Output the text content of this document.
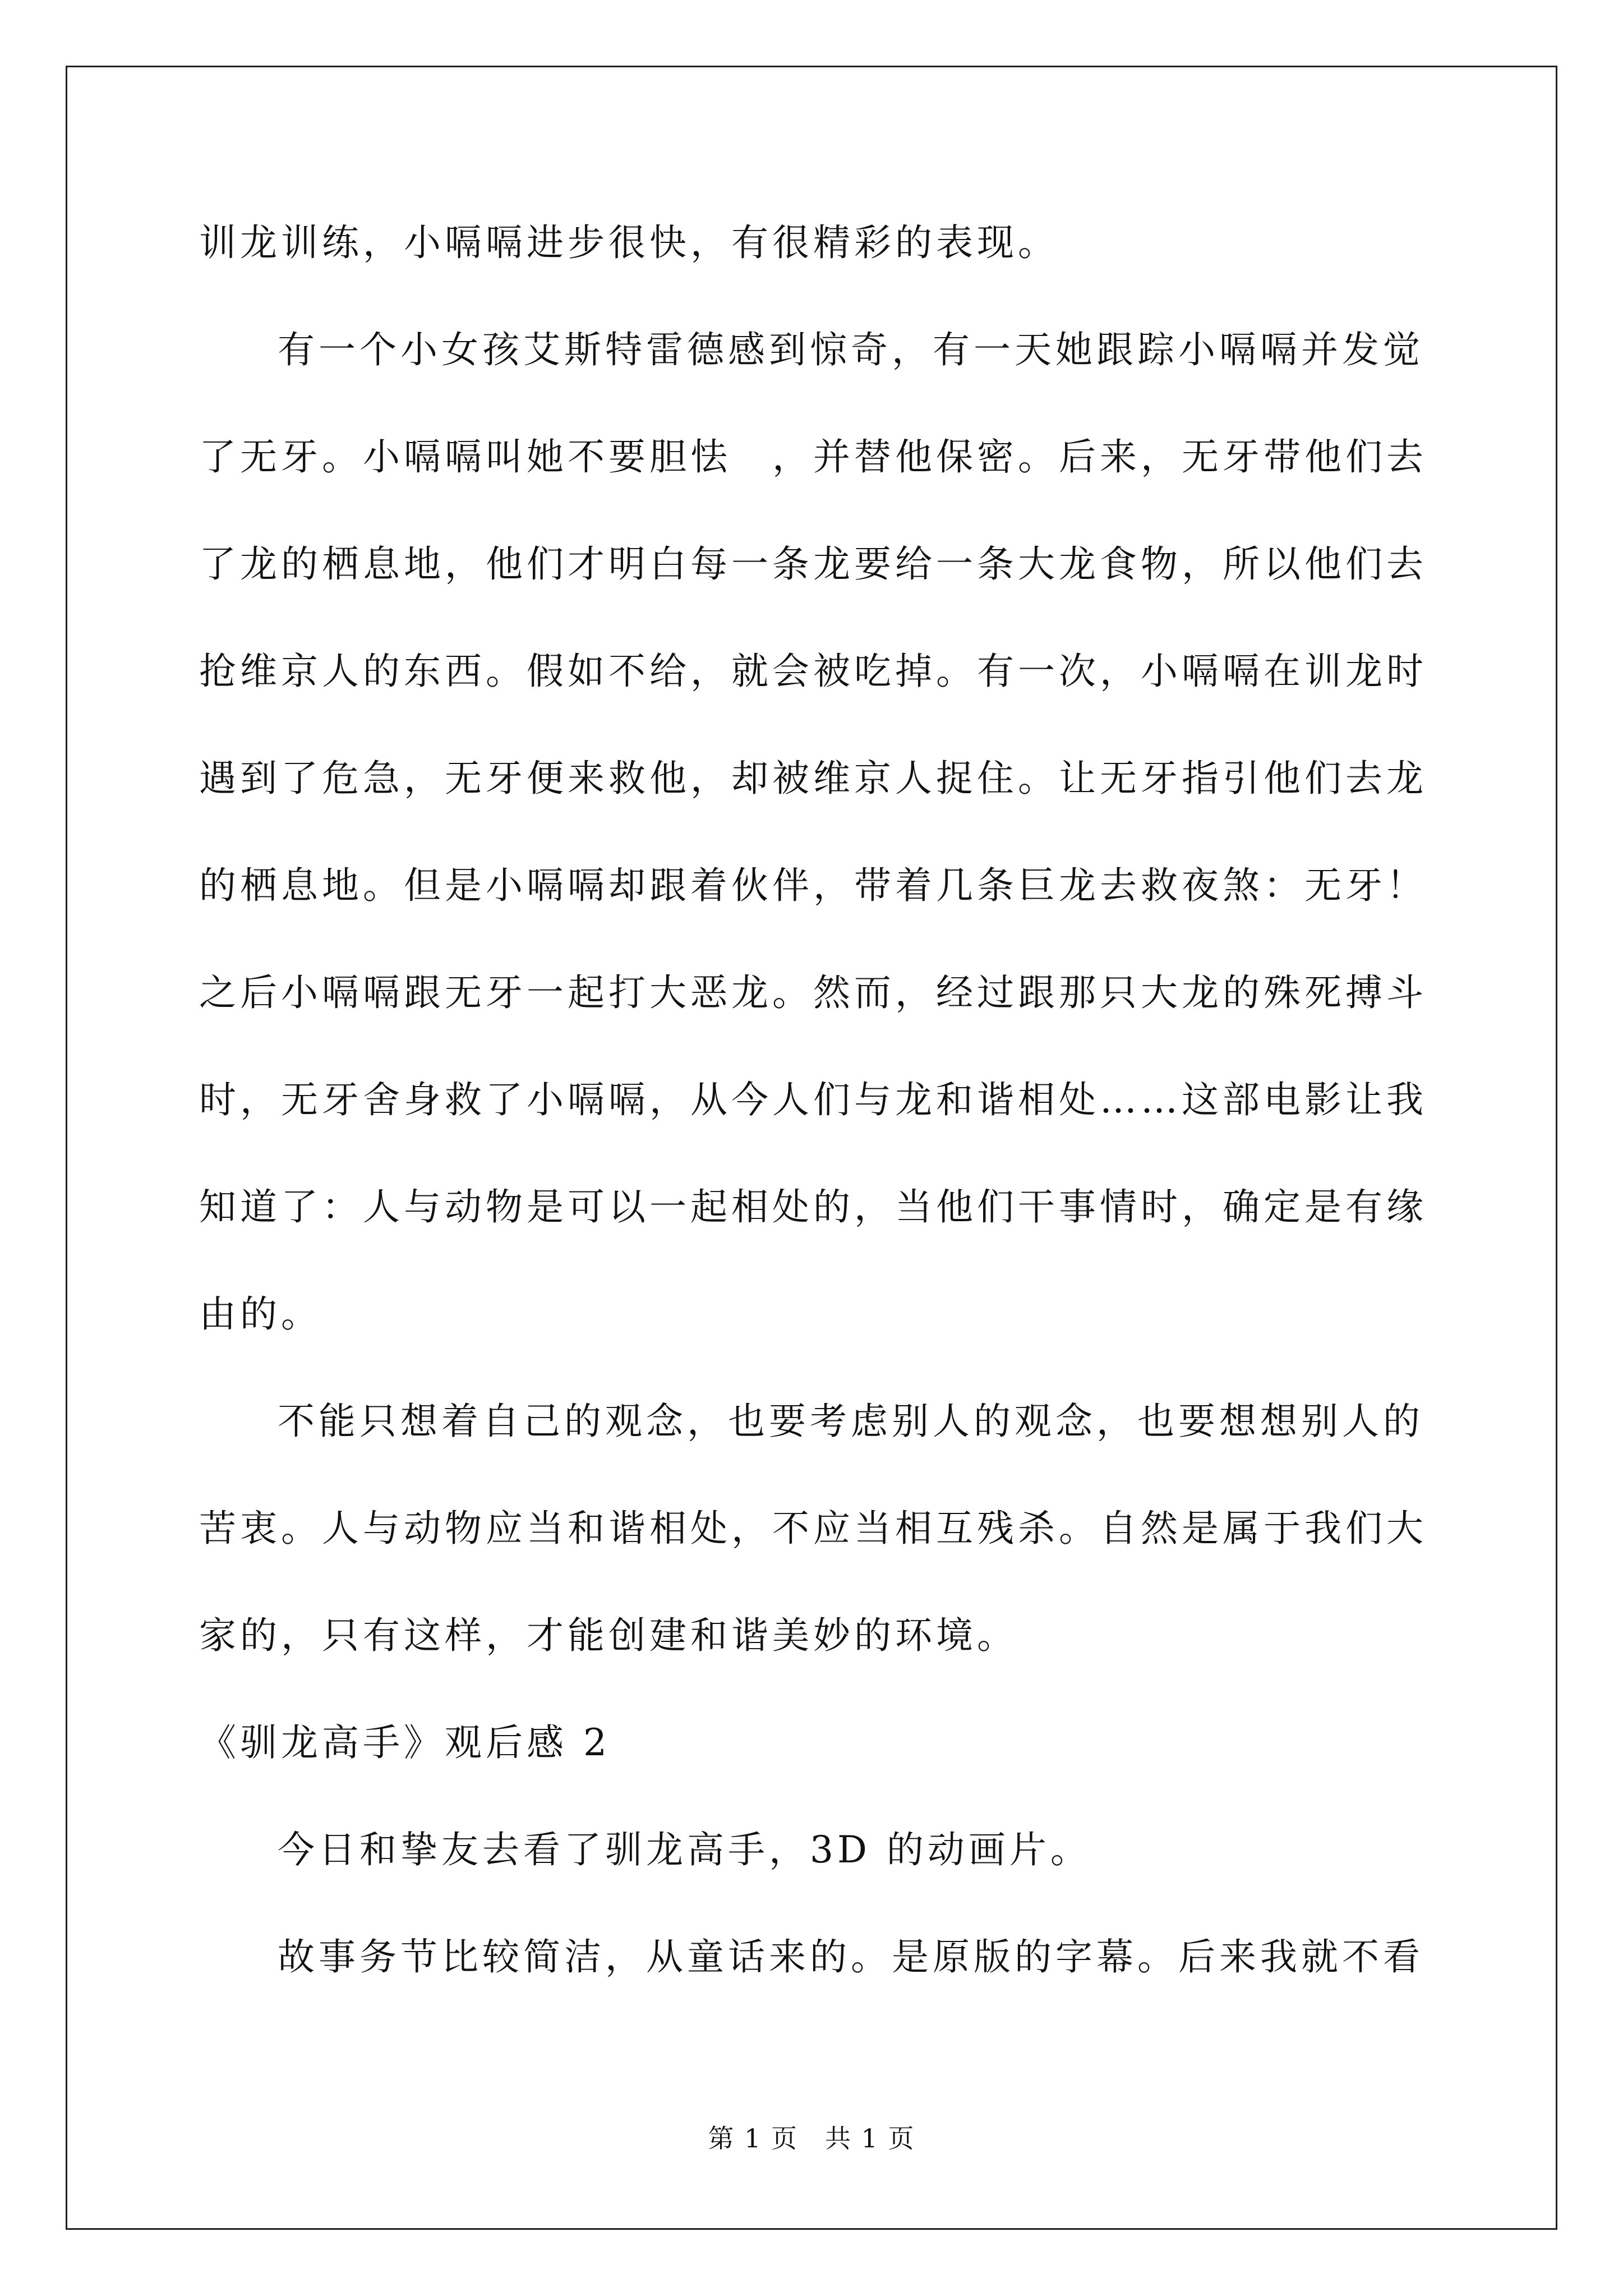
训龙训练，小嗝嗝进步很快，有很精彩的表现。
有一个小女孩艾斯特雷德感到惊奇，有一天她跟踪小嗝嗝并发觉
了无牙。小嗝嗝叫她不要胆怯　，并替他保密。后来，无牙带他们去
了龙的栖息地，他们才明白每一条龙要给一条大龙食物，所以他们去
抢维京人的东西。假如不给，就会被吃掉。有一次，小嗝嗝在训龙时
遇到了危急，无牙便来救他，却被维京人捉住。让无牙指引他们去龙
的栖息地。但是小嗝嗝却跟着伙伴，带着几条巨龙去救夜煞：无牙！
之后小嗝嗝跟无牙一起打大恶龙。然而，经过跟那只大龙的殊死搏斗
时，无牙舍身救了小嗝嗝，从今人们与龙和谐相处……这部电影让我
知道了：人与动物是可以一起相处的，当他们干事情时，确定是有缘
由的。
不能只想着自己的观念，也要考虑别人的观念，也要想想别人的
苦衷。人与动物应当和谐相处，不应当相互残杀。自然是属于我们大
家的，只有这样，才能创建和谐美妙的环境。
《驯龙高手》观后感 2
今日和挚友去看了驯龙高手，3D 的动画片。
故事务节比较简洁，从童话来的。是原版的字幕。后来我就不看
第 1 页　共 1 页
